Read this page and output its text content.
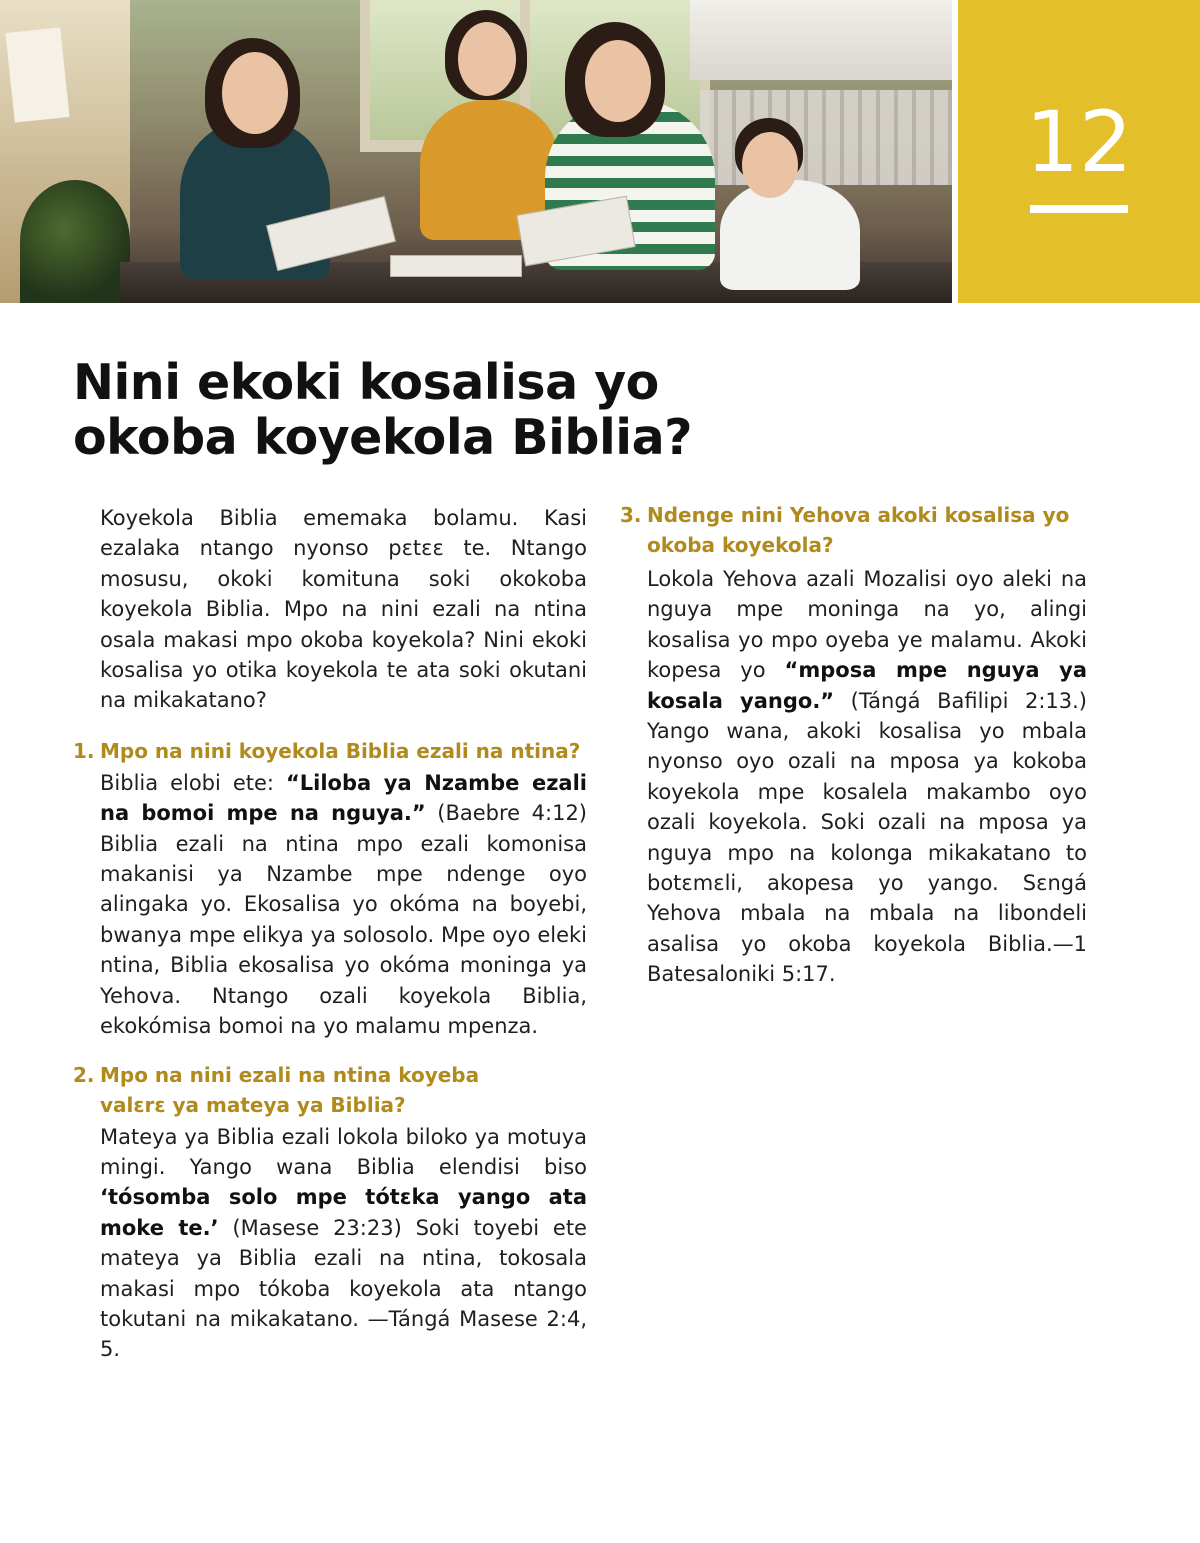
12
Nini ekoki kosalisa yo
okoba koyekola Biblia?

Koyekola Biblia ememaka bolamu. Kasi ezalaka ntango nyonso pɛtɛɛ te. Ntango mosusu, okoki komituna soki okokoba koyekola Biblia. Mpo na nini ezali na ntina osala makasi mpo okoba koyekola? Nini ekoki kosalisa yo otika koyekola te ata soki okutani na mikakatano?

1. Mpo na nini koyekola Biblia ezali na ntina?

Biblia elobi ete: “Liloba ya Nzambe ezali na bomoi mpe na nguya.” (Baebre 4:12) Biblia ezali na ntina mpo ezali komonisa makanisi ya Nzambe mpe ndenge oyo alingaka yo. Ekosalisa yo okóma na boyebi, bwanya mpe elikya ya solosolo. Mpe oyo eleki ntina, Biblia ekosalisa yo okóma moninga ya Yehova. Ntango ozali koyekola Biblia, ekokómisa bomoi na yo malamu mpenza.

2. Mpo na nini ezali na ntina koyeba
valɛrɛ ya mateya ya Biblia?

Mateya ya Biblia ezali lokola biloko ya motuya mingi. Yango wana Biblia elendisi biso ‘tósomba solo mpe tótɛka yango ata moke te.’ (Masese 23:23) Soki toyebi ete mateya ya Biblia ezali na ntina, tokosala makasi mpo tókoba koyekola ata ntango tokutani na mikakatano. —Tángá Masese 2:4, 5.

3. Ndenge nini Yehova akoki kosalisa yo
okoba koyekola?

Lokola Yehova azali Mozalisi oyo aleki na nguya mpe moninga na yo, alingi kosalisa yo mpo oyeba ye malamu. Akoki kopesa yo “mposa mpe nguya ya kosala yango.” (Tángá Bafilipi 2:13.) Yango wana, akoki kosalisa yo mbala nyonso oyo ozali na mposa ya kokoba koyekola mpe kosalela makambo oyo ozali koyekola. Soki ozali na mposa ya nguya mpo na kolonga mikakatano to botɛmɛli, akopesa yo yango. Sɛngá Yehova mbala na mbala na libondeli asalisa yo okoba koyekola Biblia.—1 Batesaloniki 5:17.
